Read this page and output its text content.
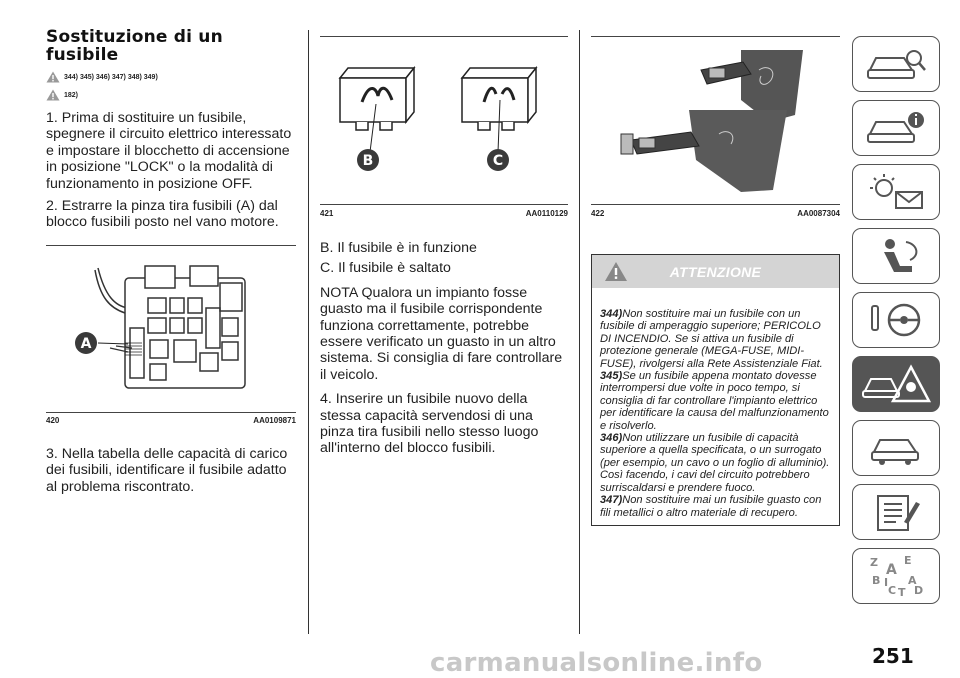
Sostituzione di un
fusibile
344) 345) 346) 347) 348) 349)
182)

1. Prima di sostituire un fusibile, spegnere il circuito elettrico interessato e impostare il blocchetto di accensione in posizione "LOCK" o la modalità di funzionamento in posizione OFF.

2. Estrarre la pinza tira fusibili (A) dal blocco fusibili posto nel vano motore.

A
420	AA0109871

3. Nella tabella delle capacità di carico dei fusibili, identificare il fusibile adatto al problema riscontrato.

B	C
421	AA0110129

B. Il fusibile è in funzione

C. Il fusibile è saltato

NOTA Qualora un impianto fosse guasto ma il fusibile corrispondente funziona correttamente, potrebbe essere verificato un guasto in un altro sistema. Si consiglia di fare controllare il veicolo.

4. Inserire un fusibile nuovo della stessa capacità servendosi di una pinza tira fusibili nello stesso luogo all'interno del blocco fusibili.

422	AA0087304
ATTENZIONE
344)Non sostituire mai un fusibile con un fusibile di amperaggio superiore; PERICOLO DI INCENDIO. Se si attiva un fusibile di protezione generale (MEGA-FUSE, MIDI-FUSE), rivolgersi alla Rete Assistenziale Fiat.
345)Se un fusibile appena montato dovesse interrompersi due volte in poco tempo, si consiglia di far controllare l'impianto elettrico per identificare la causa del malfunzionamento e risolverlo.
346)Non utilizzare un fusibile di capacità superiore a quella specificata, o un surrogato (per esempio, un cavo o un foglio di alluminio). Così facendo, i cavi del circuito potrebbero surriscaldarsi e prendere fuoco.
347)Non sostituire mai un fusibile guasto con fili metallici o altro materiale di recupero.
Z E
A
B	A
C T D
I
251
carmanualsonline.info
